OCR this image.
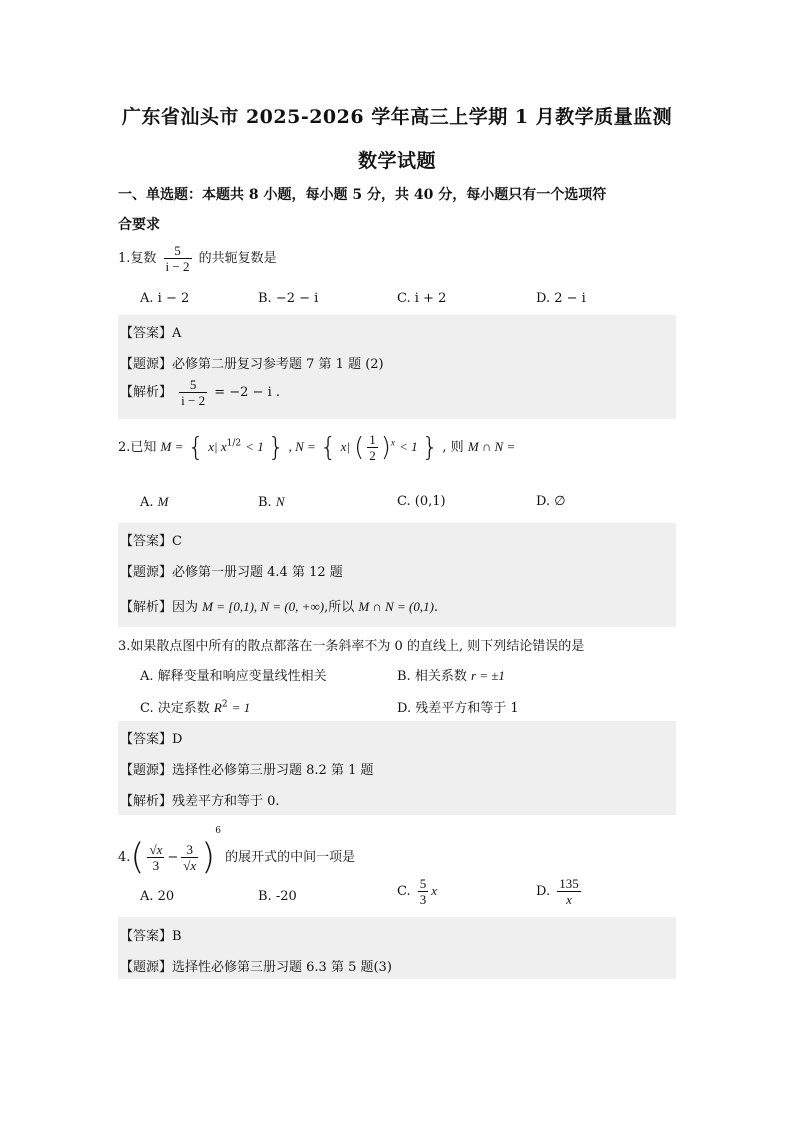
广东省汕头市 2025-2026 学年高三上学期 1 月教学质量监测
数学试题
一、单选题：本题共 8 小题，每小题 5 分，共 40 分，每小题只有一个选项符
合要求
1.复数 $\frac{5}{i - 2}$ 的共轭复数是
A. i − 2	B. −2 − i	C. i + 2	D. 2 − i
【答案】A
【题源】必修第二册复习参考题 7 第 1 题 (2)
【解析】 $\frac{5}{i - 2} = -2 - i$ .
2.已知 M = { x| $x^{1/2} < 1$ } , N = { x| ( $\frac{1}{2} )^x < 1$ } , 则 M ∩ N =
A. M	B. N	C. (0,1)	D. ∅
【答案】C
【题源】必修第一册习题 4.4 第 12 题
【解析】因为 M = [0,1), N = (0, +∞),所以 M ∩ N = (0,1).
3.如果散点图中所有的散点都落在一条斜率不为 0 的直线上, 则下列结论错误的是
A. 解释变量和响应变量线性相关	B. 相关系数 r = ±1
C. 决定系数 $R^2 = 1$	D. 残差平方和等于 1
【答案】D
【题源】选择性必修第三册习题 8.2 第 1 题
【解析】残差平方和等于 0.
$4.( \frac{√x}{3} - \frac{3}{√x} )^6$ 的展开式的中间一项是
A. 20	B. -20	C. $\frac{5}{3}$ x	D. $\frac{135}{x}$
【答案】B
【题源】选择性必修第三册习题 6.3 第 5 题(3)
